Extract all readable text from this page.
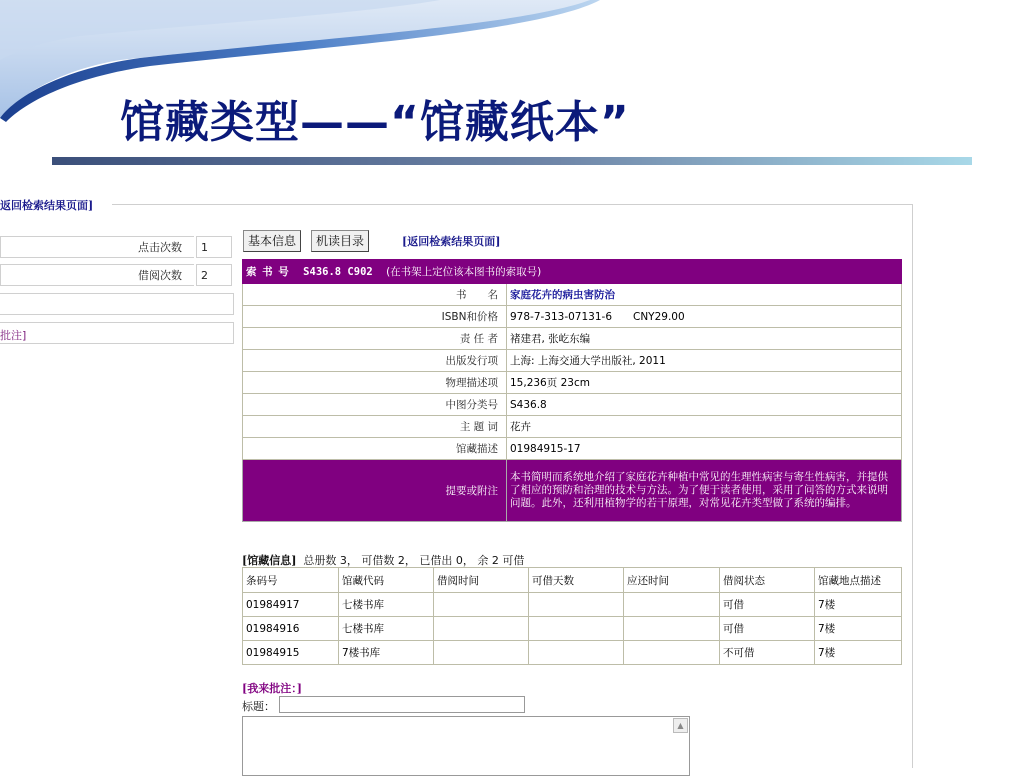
馆藏类型——“馆藏纸本”
返回检索结果页面]
点击次数	1
借阅次数	2
批注]
基本信息	机读目录	[返回检索结果页面]
索 书 号 S436.8 C902 (在书架上定位该本图书的索取号)	
书　　名	家庭花卉的病虫害防治
ISBN和价格	978-7-313-07131-6　　CNY29.00
责 任 者	褚建君, 张屹东编
出版发行项	上海: 上海交通大学出版社, 2011
物理描述项	15,236页 23cm
中图分类号	S436.8
主 题 词	花卉
馆藏描述	01984915-17
提要或附注	本书简明而系统地介绍了家庭花卉种植中常见的生理性病害与寄生性病害，并提供了相应的预防和治理的技术与方法。为了便于读者使用，采用了问答的方式来说明问题。此外，还利用植物学的若干原理，对常见花卉类型做了系统的编排。
[馆藏信息] 总册数 3， 可借数 2， 已借出 0， 余 2 可借
条码号	馆藏代码	借阅时间	可借天数	应还时间	借阅状态	馆藏地点描述
01984917	七楼书库				可借	7楼
01984916	七楼书库				可借	7楼
01984915	7楼书库				不可借	7楼
[我来批注：]
标题：
▲
